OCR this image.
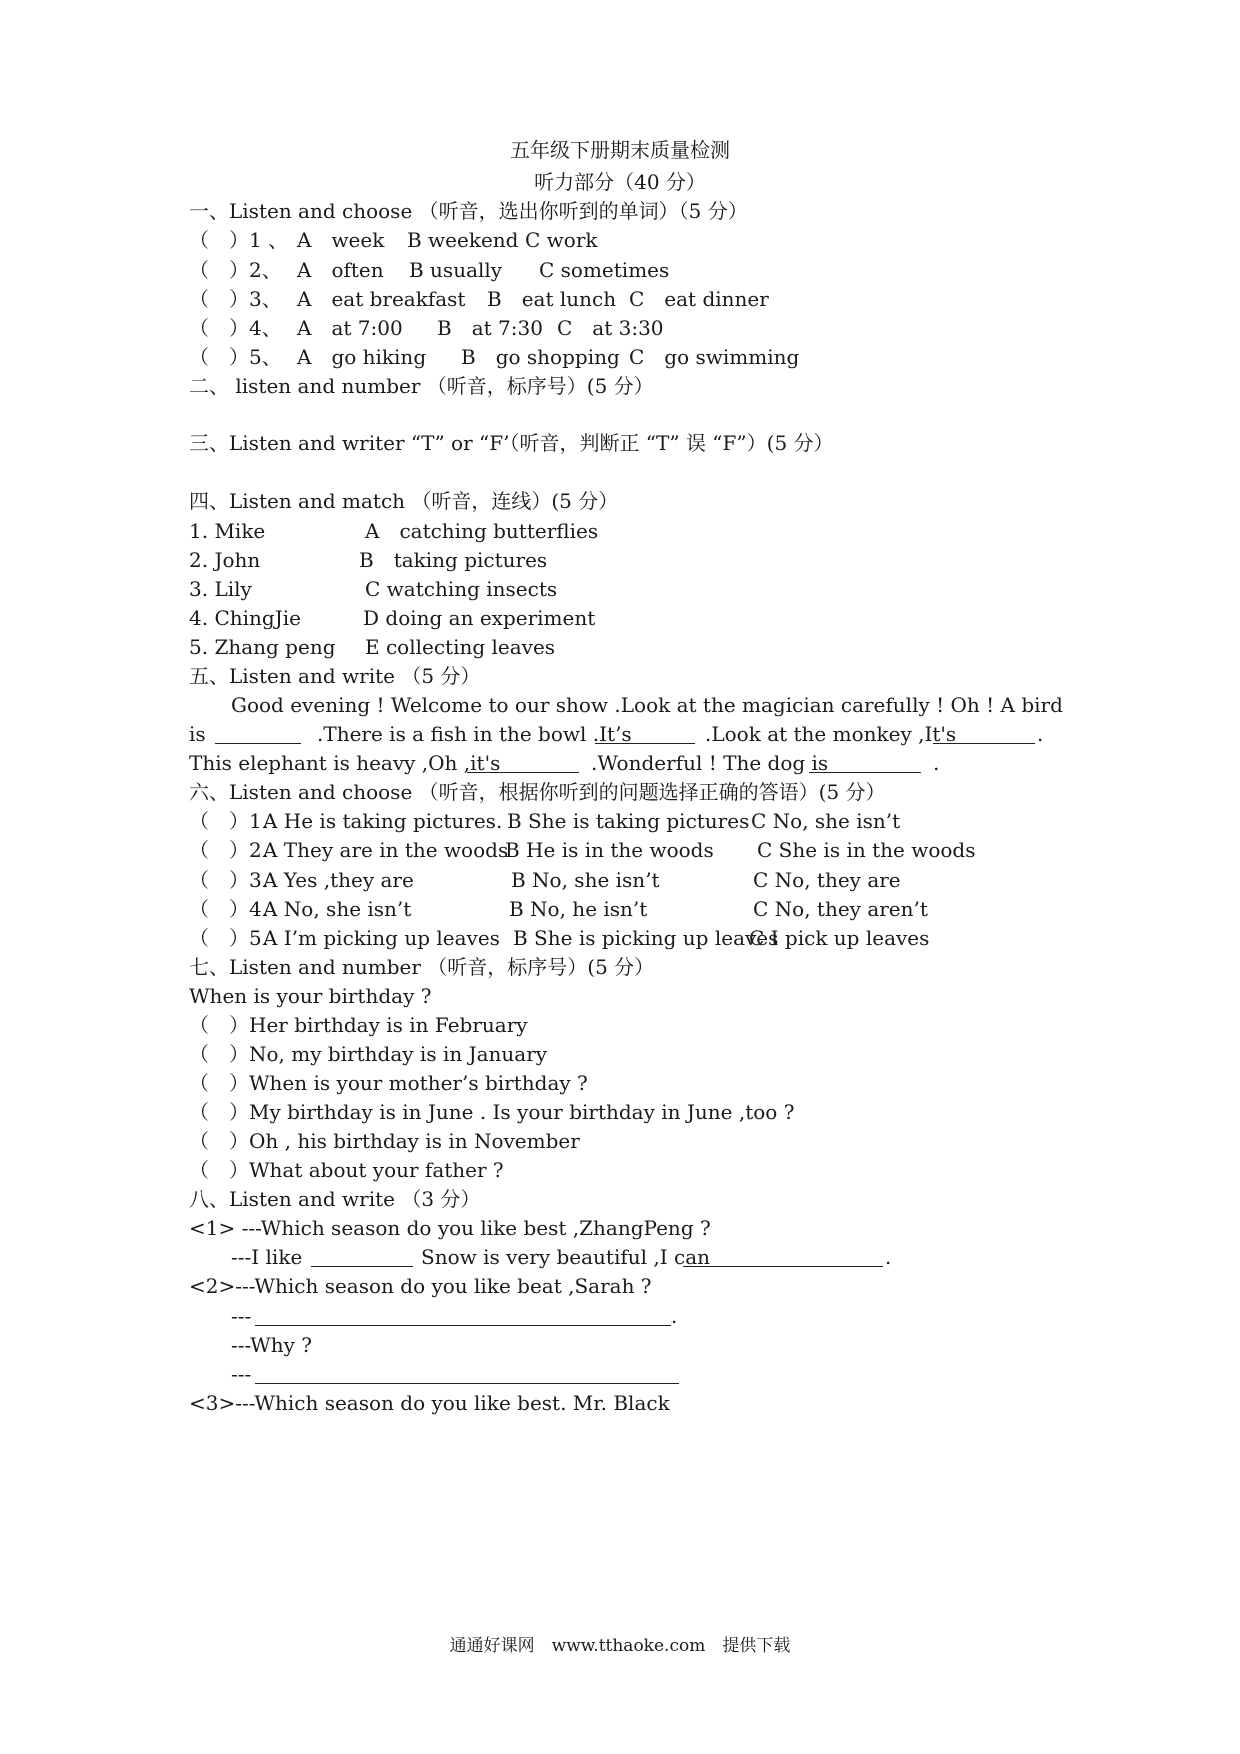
五年级下册期末质量检测
听力部分（40 分）
一、Listen and choose （听音，选出你听到的单词）（5 分）
（　）1 、 A　week B weekend C work
（　）2、 A　often B usually C sometimes
（　）3、 A　eat breakfast B　eat lunch C　eat dinner
（　）4、 A　at 7:00 B　at 7:30 C　at 3:30
（　）5、 A　go hiking B　go shopping C　go swimming
二、 listen and number （听音，标序号）(5 分）
三、Listen and writer “T” or “F’（听音，判断正 “T” 误 “F”）(5 分）
四、Listen and match （听音，连线）(5 分）
1. Mike	A　catching butterflies
2. John	B　taking pictures
3. Lily	C watching insects
4. ChingJie	D doing an experiment
5. Zhang peng E collecting leaves
五、Listen and write （5 分）
Good evening ! Welcome to our show .Look at the magician carefully ! Oh ! A bird
is	.There is a fish in the bowl .It’s	.Look at the monkey ,It's	.
This elephant is heavy ,Oh ,it's	.Wonderful ! The dog is	.
六、Listen and choose （听音，根据你听到的问题选择正确的答语）(5 分）
（　）1.
A He is taking pictures. B She is taking pictures C No, she isn’t
（　）2.
A They are in the woods
B He is in the woods C She is in the woods
（　）3.
A Yes ,they are	B No, she isn’t	C No, they are
（　）4.
A No, she isn’t	B No, he isn’t	C No, they aren’t
（　）5.
A I’m picking up leaves B She is picking up leaves
C I pick up leaves
七、Listen and number （听音，标序号）(5 分）
When is your birthday ?
（　）Her birthday is in February
（　）No, my birthday is in January
（　）When is your mother’s birthday ?
（　）My birthday is in June . Is your birthday in June ,too ?
（　）Oh , his birthday is in November
（　）What about your father ?
八、Listen and write （3 分）
<1> ---Which season do you like best ,ZhangPeng ?
---I like	Snow is very beautiful ,I can	.
<2>---Which season do you like beat ,Sarah ?
---	.
---Why ?
---
<3>---Which season do you like best. Mr. Black
通通好课网　www.tthaoke.com　提供下载
